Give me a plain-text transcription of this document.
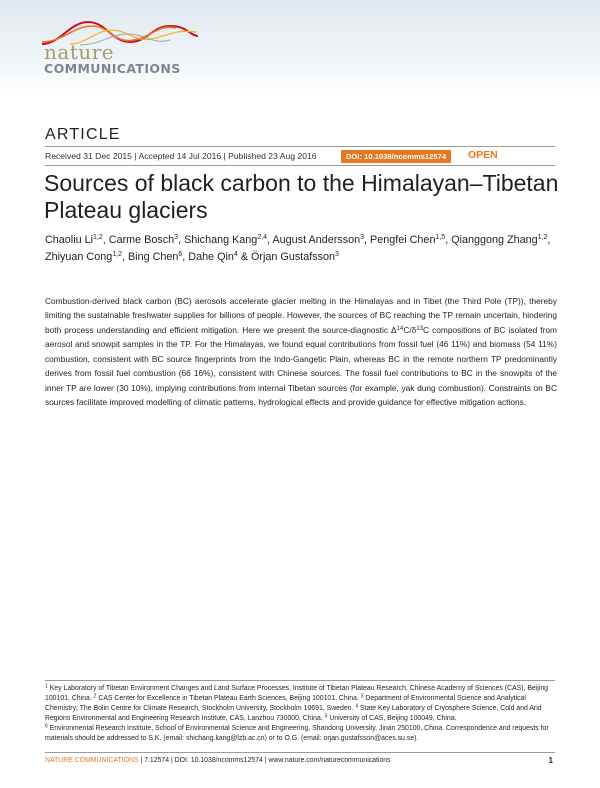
nature
COMMUNICATIONS
ARTICLE
Received 31 Dec 2015 | Accepted 14 Jul 2016 | Published 23 Aug 2016	DOI: 10.1038/ncomms12574	OPEN
Sources of black carbon to the Himalayan–Tibetan Plateau glaciers
Chaoliu Li$^{1,2}$, Carme Bosch$^3$, Shichang Kang$^{2,4}$, August Andersson$^3$, Pengfei Chen$^{1,5}$, Qianggong Zhang$^{1,2}$,
Zhiyuan Cong$^{1,2}$, Bing Chen$^6$, Dahe Qin$^4$ & Örjan Gustafsson$^3$

Combustion-derived black carbon (BC) aerosols accelerate glacier melting in the Himalayas and in Tibet (the Third Pole (TP)), thereby limiting the sustainable freshwater supplies for billions of people. However, the sources of BC reaching the TP remain uncertain, hindering both process understanding and efficient mitigation. Here we present the source-diagnostic $\Delta^{14}C/\delta^{13}C$ compositions of BC isolated from aerosol and snowpit samples in the TP. For the Himalayas, we found equal contributions from fossil fuel (46 11%) and biomass (54 11%) combustion, consistent with BC source fingerprints from the Indo-Gangetic Plain, whereas BC in the remote northern TP predominantly derives from fossil fuel combustion (66 16%), consistent with Chinese sources. The fossil fuel contributions to BC in the snowpits of the inner TP are lower (30 10%), implying contributions from internal Tibetan sources (for example, yak dung combustion). Constraints on BC sources facilitate improved modelling of climatic patterns, hydrological effects and provide guidance for effective mitigation actions.

$^1$ Key Laboratory of Tibetan Environment Changes and Land Surface Processes, Institute of Tibetan Plateau Research, Chinese Academy of Sciences (CAS), Beijing 100101, China. $^2$ CAS Center for Excellence in Tibetan Plateau Earth Sciences, Beijing 100101, China. $^3$ Department of Environmental Science and Analytical Chemistry; The Bolin Centre for Climate Research, Stockholm University, Stockholm 10691, Sweden. $^4$ State Key Laboratory of Cryosphere Science, Cold and Arid Regions Environmental and Engineering Research Institute, CAS, Lanzhou 730000, China. $^5$ University of CAS, Beijing 100049, China.
$^6$ Environmental Research Institute, School of Environmental Science and Engineering, Shandong University, Jinan 250100, China. Correspondence and requests for materials should be addressed to S.K. (email: shichang.kang@lzb.ac.cn) or to O.G. (email: orjan.gustafsson@aces.su.se).

NATURE COMMUNICATIONS | 7:12574 | DOI: 10.1038/ncomms12574 | www.nature.com/naturecommunications	1
